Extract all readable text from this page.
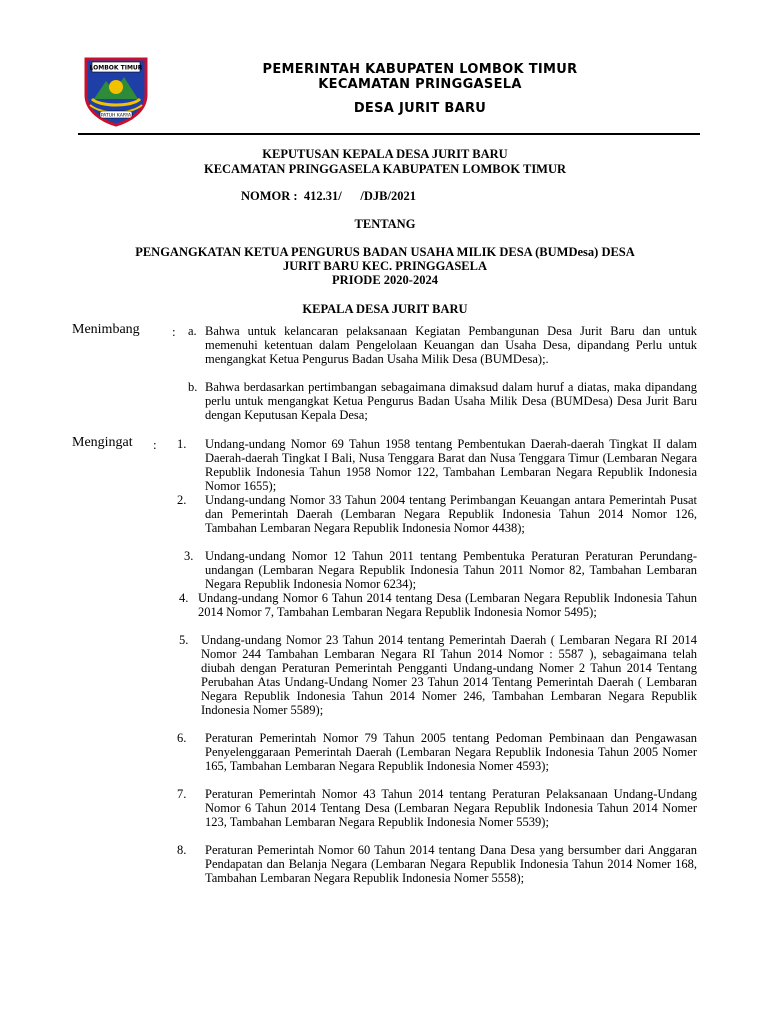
LOMBOK TIMUR
PATUH KARYA
PEMERINTAH KABUPATEN LOMBOK TIMUR
KECAMATAN PRINGGASELA
DESA JURIT BARU
KEPUTUSAN KEPALA DESA JURIT BARU
KECAMATAN PRINGGASELA KABUPATEN LOMBOK TIMUR
NOMOR :  412.31/      /DJB/2021
TENTANG
PENGANGKATAN KETUA PENGURUS BADAN USAHA MILIK DESA (BUMDesa) DESA
JURIT BARU KEC. PRINGGASELA
PRIODE 2020-2024
KEPALA DESA JURIT BARU
Menimbang : a. Bahwa untuk kelancaran pelaksanaan Kegiatan Pembangunan Desa Jurit Baru dan untuk memenuhi ketentuan dalam Pengelolaan Keuangan dan Usaha Desa, dipandang Perlu untuk mengangkat Ketua Pengurus Badan Usaha Milik Desa (BUMDesa);.

b. Bahwa berdasarkan pertimbangan sebagaimana dimaksud dalam huruf a diatas, maka dipandang perlu untuk mengangkat Ketua Pengurus Badan Usaha Milik Desa (BUMDesa) Desa Jurit Baru dengan Keputusan Kepala Desa;

Mengingat : 1. Undang-undang Nomor 69 Tahun 1958 tentang Pembentukan Daerah-daerah Tingkat II dalam Daerah-daerah Tingkat I Bali, Nusa Tenggara Barat dan Nusa Tenggara Timur (Lembaran Negara Republik Indonesia Tahun 1958 Nomor 122, Tambahan Lembaran Negara Republik Indonesia Nomor 1655);

2. Undang-undang Nomor 33 Tahun 2004 tentang Perimbangan Keuangan antara Pemerintah Pusat dan Pemerintah Daerah (Lembaran Negara Republik Indonesia Tahun 2014 Nomor 126, Tambahan Lembaran Negara Republik Indonesia Nomor 4438);

3. Undang-undang Nomor 12 Tahun 2011 tentang Pembentuka Peraturan Peraturan Perundang-undangan (Lembaran Negara Republik Indonesia Tahun 2011 Nomor 82, Tambahan Lembaran Negara Republik Indonesia Nomor 6234);

4. Undang-undang Nomor 6 Tahun 2014 tentang Desa (Lembaran Negara Republik Indonesia Tahun 2014 Nomor 7, Tambahan Lembaran Negara Republik Indonesia Nomor 5495);

5. Undang-undang Nomor 23 Tahun 2014 tentang Pemerintah Daerah ( Lembaran Negara RI 2014 Nomor 244 Tambahan Lembaran Negara RI Tahun 2014 Nomor : 5587 ), sebagaimana telah diubah dengan Peraturan Pemerintah Pengganti Undang-undang Nomer 2 Tahun 2014 Tentang Perubahan Atas Undang-Undang Nomer 23 Tahun 2014 Tentang Pemerintah Daerah ( Lembaran Negara Republik Indonesia Tahun 2014 Nomer 246, Tambahan Lembaran Negara Republik Indonesia Nomer 5589);

6. Peraturan Pemerintah Nomor 79 Tahun 2005 tentang Pedoman Pembinaan dan Pengawasan Penyelenggaraan Pemerintah Daerah (Lembaran Negara Republik Indonesia Tahun 2005 Nomer 165, Tambahan Lembaran Negara Republik Indonesia Nomer 4593);

7. Peraturan Pemerintah Nomor 43 Tahun 2014 tentang Peraturan Pelaksanaan Undang-Undang Nomor 6 Tahun 2014 Tentang Desa (Lembaran Negara Republik Indonesia Tahun 2014 Nomer 123, Tambahan Lembaran Negara Republik Indonesia Nomer 5539);

8. Peraturan Pemerintah Nomor 60 Tahun 2014 tentang Dana Desa yang bersumber dari Anggaran Pendapatan dan Belanja Negara (Lembaran Negara Republik Indonesia Tahun 2014 Nomer 168, Tambahan Lembaran Negara Republik Indonesia Nomer 5558);
